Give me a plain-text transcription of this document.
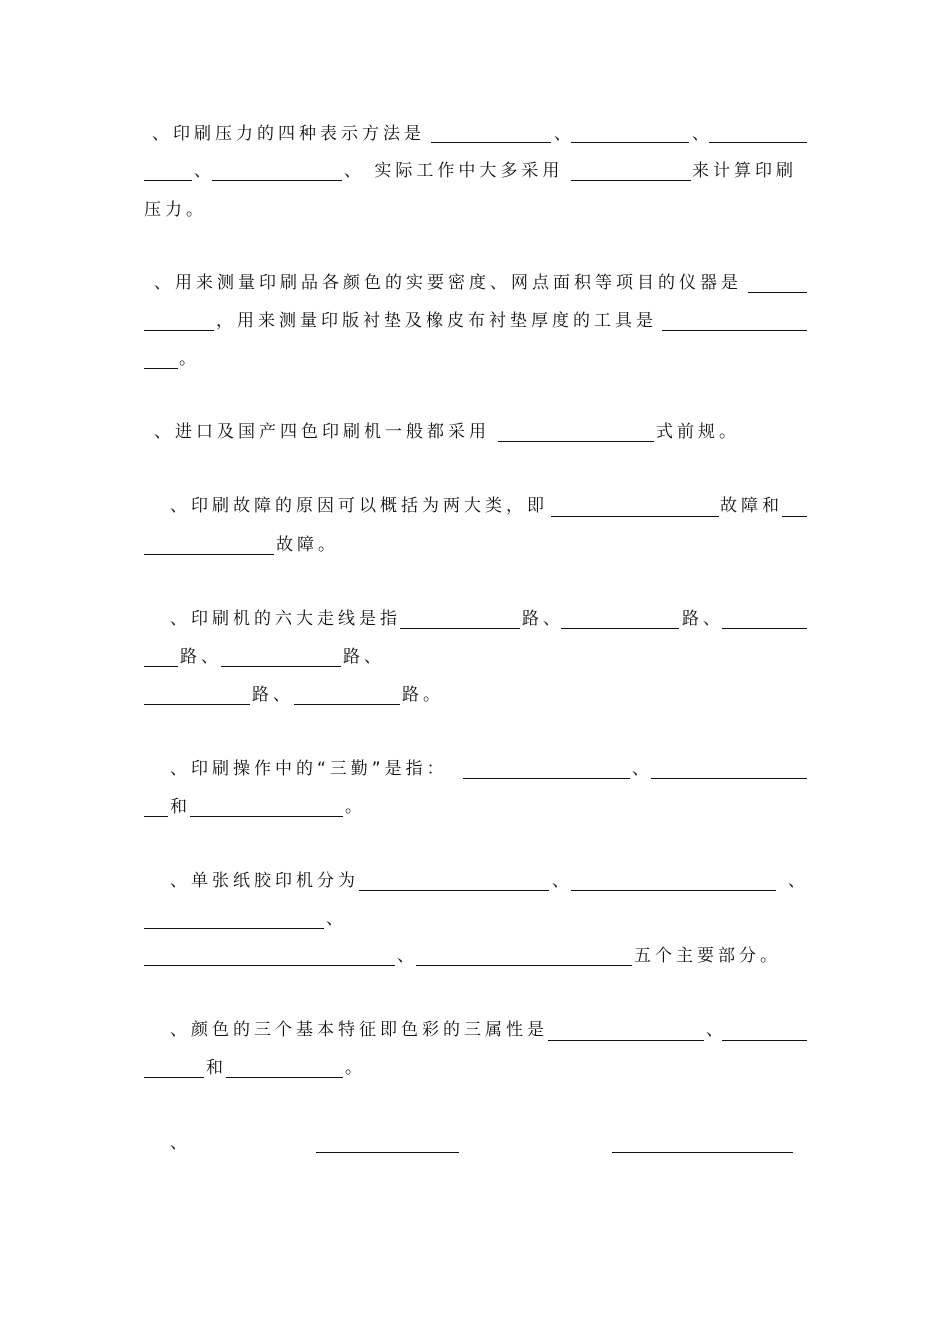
、印刷压力的四种表示方法是	、	、
、	、 实际工作中大多采用	来计算印刷
压力。
、用来测量印刷品各颜色的实要密度、网点面积等项目的仪器是
，用来测量印版衬垫及橡皮布衬垫厚度的工具是
。
、进口及国产四色印刷机一般都采用	式前规。
、印刷故障的原因可以概括为两大类，即	故障和
故障。
、印刷机的六大走线是指	路、	路、
路、	路、
路、	路。
、印刷操作中的“三勤”是指：	、
和	。
、单张纸胶印机分为	、	、
、
、	五个主要部分。
、颜色的三个基本特征即色彩的三属性是	、
和	。
、
